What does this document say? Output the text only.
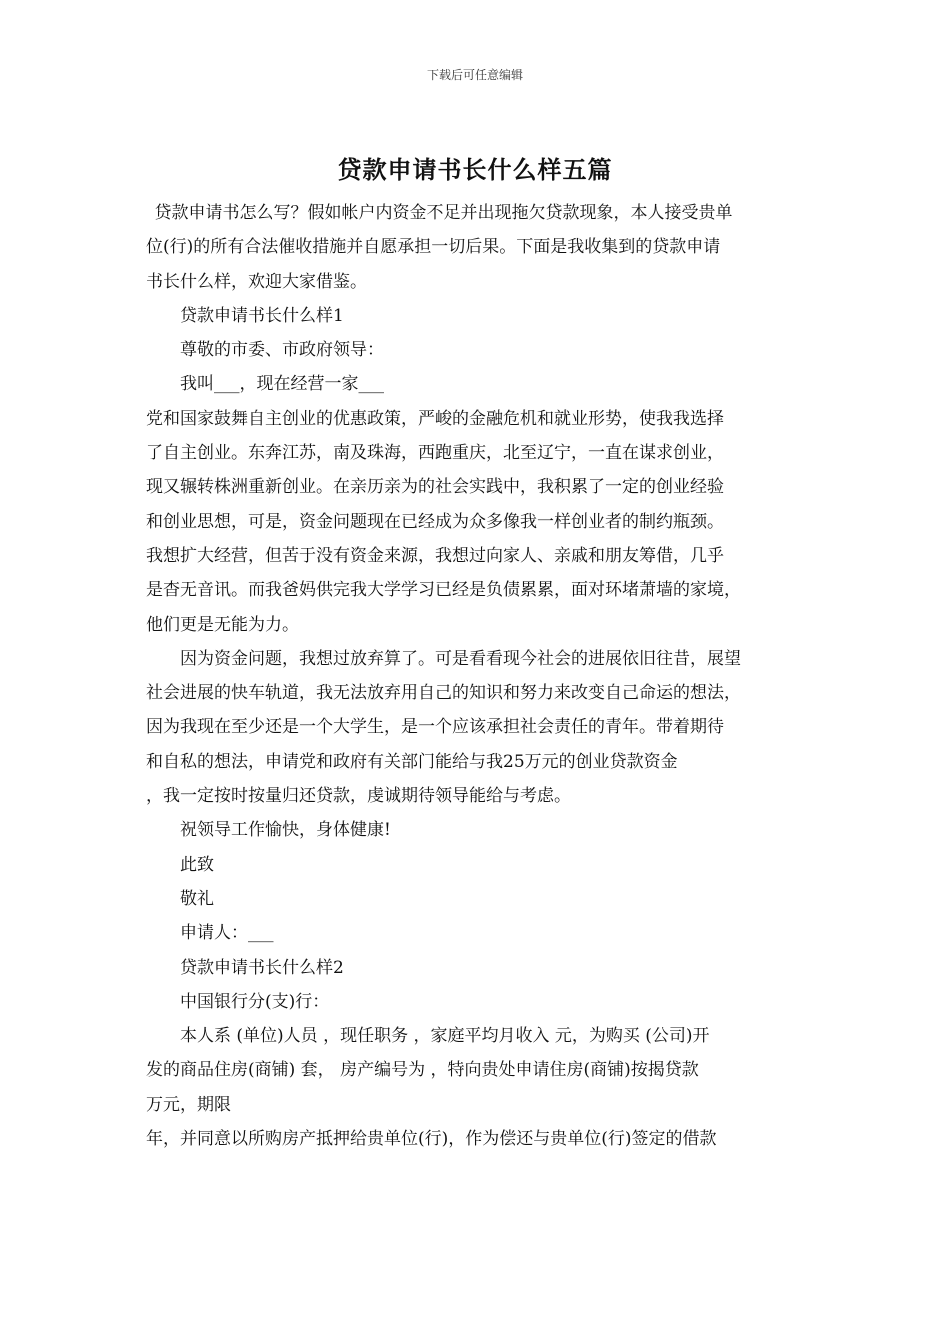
下载后可任意编辑
贷款申请书长什么样五篇

贷款申请书怎么写？假如帐户内资金不足并出现拖欠贷款现象，本人接受贵单
位(行)的所有合法催收措施并自愿承担一切后果。下面是我收集到的贷款申请
书长什么样，欢迎大家借鉴。

贷款申请书长什么样1

尊敬的市委、市政府领导：

我叫___，现在经营一家___

党和国家鼓舞自主创业的优惠政策，严峻的金融危机和就业形势，使我我选择
了自主创业。东奔江苏，南及珠海，西跑重庆，北至辽宁，一直在谋求创业，
现又辗转株洲重新创业。在亲历亲为的社会实践中，我积累了一定的创业经验
和创业思想，可是，资金问题现在已经成为众多像我一样创业者的制约瓶颈。
我想扩大经营，但苦于没有资金来源，我想过向家人、亲戚和朋友筹借，几乎
是杳无音讯。而我爸妈供完我大学学习已经是负债累累，面对环堵萧墙的家境，
他们更是无能为力。

因为资金问题，我想过放弃算了。可是看看现今社会的进展依旧往昔，展望
社会进展的快车轨道，我无法放弃用自己的知识和努力来改变自己命运的想法，
因为我现在至少还是一个大学生，是一个应该承担社会责任的青年。带着期待
和自私的想法，申请党和政府有关部门能给与我25万元的创业贷款资金
，我一定按时按量归还贷款，虔诚期待领导能给与考虑。

祝领导工作愉快，身体健康!

此致

敬礼

申请人：___

贷款申请书长什么样2

中国银行分(支)行：

本人系 (单位)人员 ，现任职务 ，家庭平均月收入 元，为购买 (公司)开
发的商品住房(商铺) 套， 房产编号为 ，特向贵处申请住房(商铺)按揭贷款
万元，期限
年，并同意以所购房产抵押给贵单位(行)，作为偿还与贵单位(行)签定的借款
